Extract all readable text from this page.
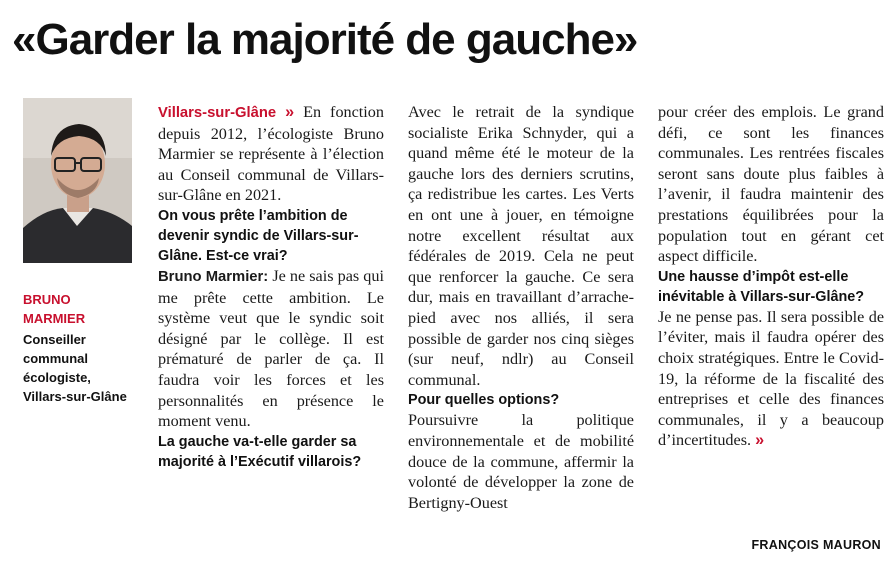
«Garder la majorité de gauche»
BRUNO
MARMIER
Conseiller
communal
écologiste,
Villars-sur-Glâne

Villars-sur-Glâne » En fonction depuis 2012, l’écologiste Bruno Marmier se représente à l’élection au Conseil communal de Villars-sur-Glâne en 2021.

On vous prête l’ambition de devenir syndic de Villars-sur-Glâne. Est-ce vrai?

Bruno Marmier: Je ne sais pas qui me prête cette ambition. Le système veut que le syndic soit désigné par le collège. Il est prématuré de parler de ça. Il faudra voir les forces et les personnalités en présence le moment venu.

La gauche va-t-elle garder sa majorité à l’Exécutif villarois?

Avec le retrait de la syndique socialiste Erika Schnyder, qui a quand même été le moteur de la gauche lors des derniers scrutins, ça redistribue les cartes. Les Verts en ont une à jouer, en témoigne notre excellent résultat aux fédérales de 2019. Cela ne peut que renforcer la gauche. Ce sera dur, mais en travaillant d’arrache-pied avec nos alliés, il sera possible de garder nos cinq sièges (sur neuf, ndlr) au Conseil communal.

Pour quelles options?

Poursuivre la politique environnementale et de mobilité douce de la commune, affermir la volonté de développer la zone de Bertigny-Ouest

pour créer des emplois. Le grand défi, ce sont les finances communales. Les rentrées fiscales seront sans doute plus faibles à l’avenir, il faudra maintenir des prestations équilibrées pour la population tout en gérant cet aspect difficile.

Une hausse d’impôt est-elle inévitable à Villars-sur-Glâne?

Je ne pense pas. Il sera possible de l’éviter, mais il faudra opérer des choix stratégiques. Entre le Covid-19, la réforme de la fiscalité des entreprises et celle des finances communales, il y a beaucoup d’incertitudes. »

FRANÇOIS MAURON
